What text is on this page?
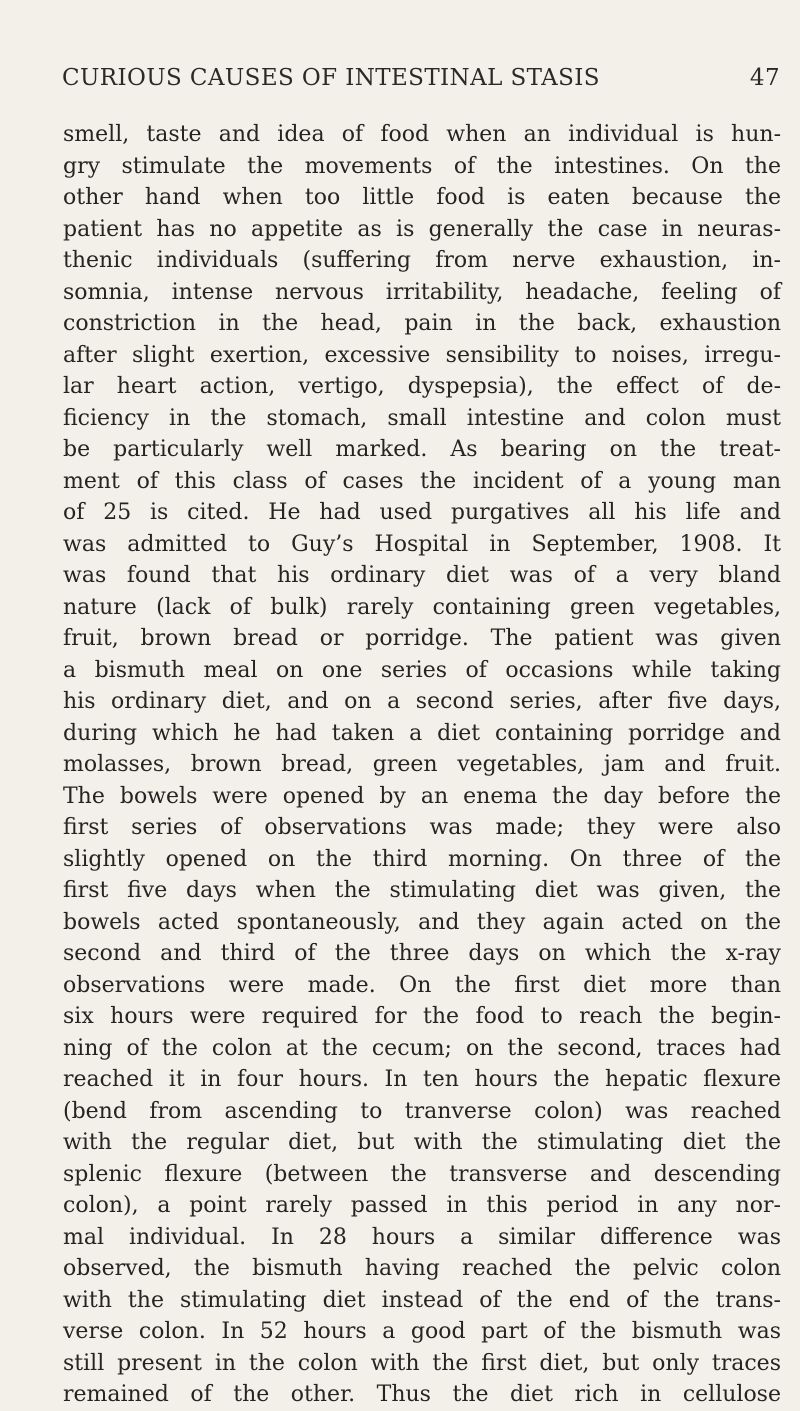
CURIOUS CAUSES OF INTESTINAL STASIS	47
smell, taste and idea of food when an individual is hun-
gry stimulate the movements of the intestines. On the
other hand when too little food is eaten because the
patient has no appetite as is generally the case in neuras-
thenic individuals (suffering from nerve exhaustion, in-
somnia, intense nervous irritability, headache, feeling of
constriction in the head, pain in the back, exhaustion
after slight exertion, excessive sensibility to noises, irregu-
lar heart action, vertigo, dyspepsia), the effect of de-
ficiency in the stomach, small intestine and colon must
be particularly well marked. As bearing on the treat-
ment of this class of cases the incident of a young man
of 25 is cited. He had used purgatives all his life and
was admitted to Guy’s Hospital in September, 1908. It
was found that his ordinary diet was of a very bland
nature (lack of bulk) rarely containing green vegetables,
fruit, brown bread or porridge. The patient was given
a bismuth meal on one series of occasions while taking
his ordinary diet, and on a second series, after five days,
during which he had taken a diet containing porridge and
molasses, brown bread, green vegetables, jam and fruit.
The bowels were opened by an enema the day before the
first series of observations was made; they were also
slightly opened on the third morning. On three of the
first five days when the stimulating diet was given, the
bowels acted spontaneously, and they again acted on the
second and third of the three days on which the x-ray
observations were made. On the first diet more than
six hours were required for the food to reach the begin-
ning of the colon at the cecum; on the second, traces had
reached it in four hours. In ten hours the hepatic flexure
(bend from ascending to tranverse colon) was reached
with the regular diet, but with the stimulating diet the
splenic flexure (between the transverse and descending
colon), a point rarely passed in this period in any nor-
mal individual. In 28 hours a similar difference was
observed, the bismuth having reached the pelvic colon
with the stimulating diet instead of the end of the trans-
verse colon. In 52 hours a good part of the bismuth was
still present in the colon with the first diet, but only traces
remained of the other. Thus the diet rich in cellulose
